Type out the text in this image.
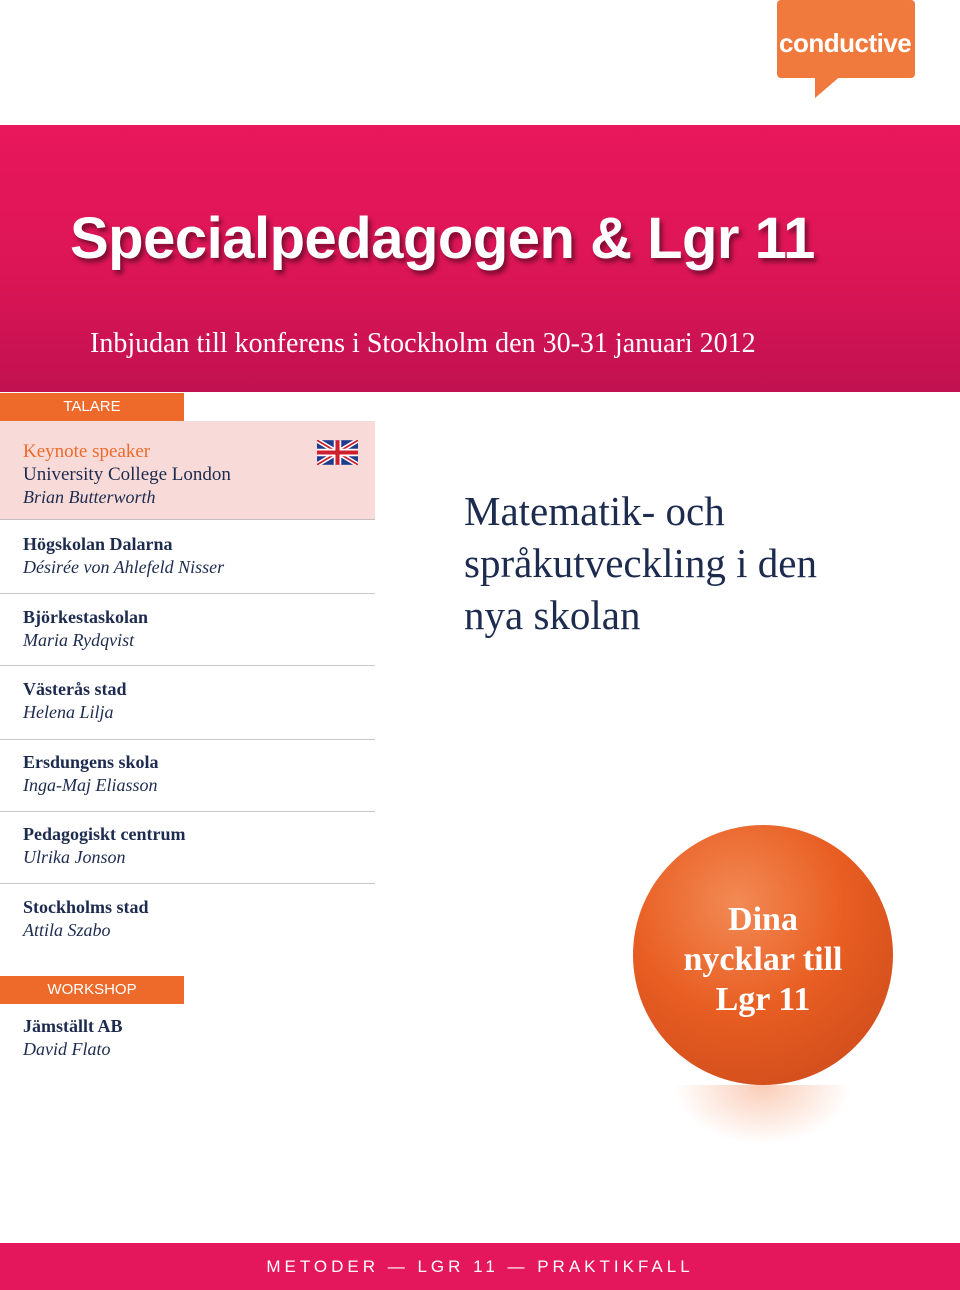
conductive
Specialpedagogen & Lgr 11
Inbjudan till konferens i Stockholm den 30-31 januari 2012
TALARE
Keynote speaker
University College London
Brian Butterworth
Högskolan Dalarna
Désirée von Ahlefeld Nisser
Björkestaskolan
Maria Rydqvist
Västerås stad
Helena Lilja
Ersdungens skola
Inga-Maj Eliasson
Pedagogiskt centrum
Ulrika Jonson
Stockholms stad
Attila Szabo
WORKSHOP
Jämställt AB
David Flato
Matematik- och
språkutveckling i den
nya skolan
Dina
nycklar till
Lgr 11
METODER — LGR 11 — PRAKTIKFALL
